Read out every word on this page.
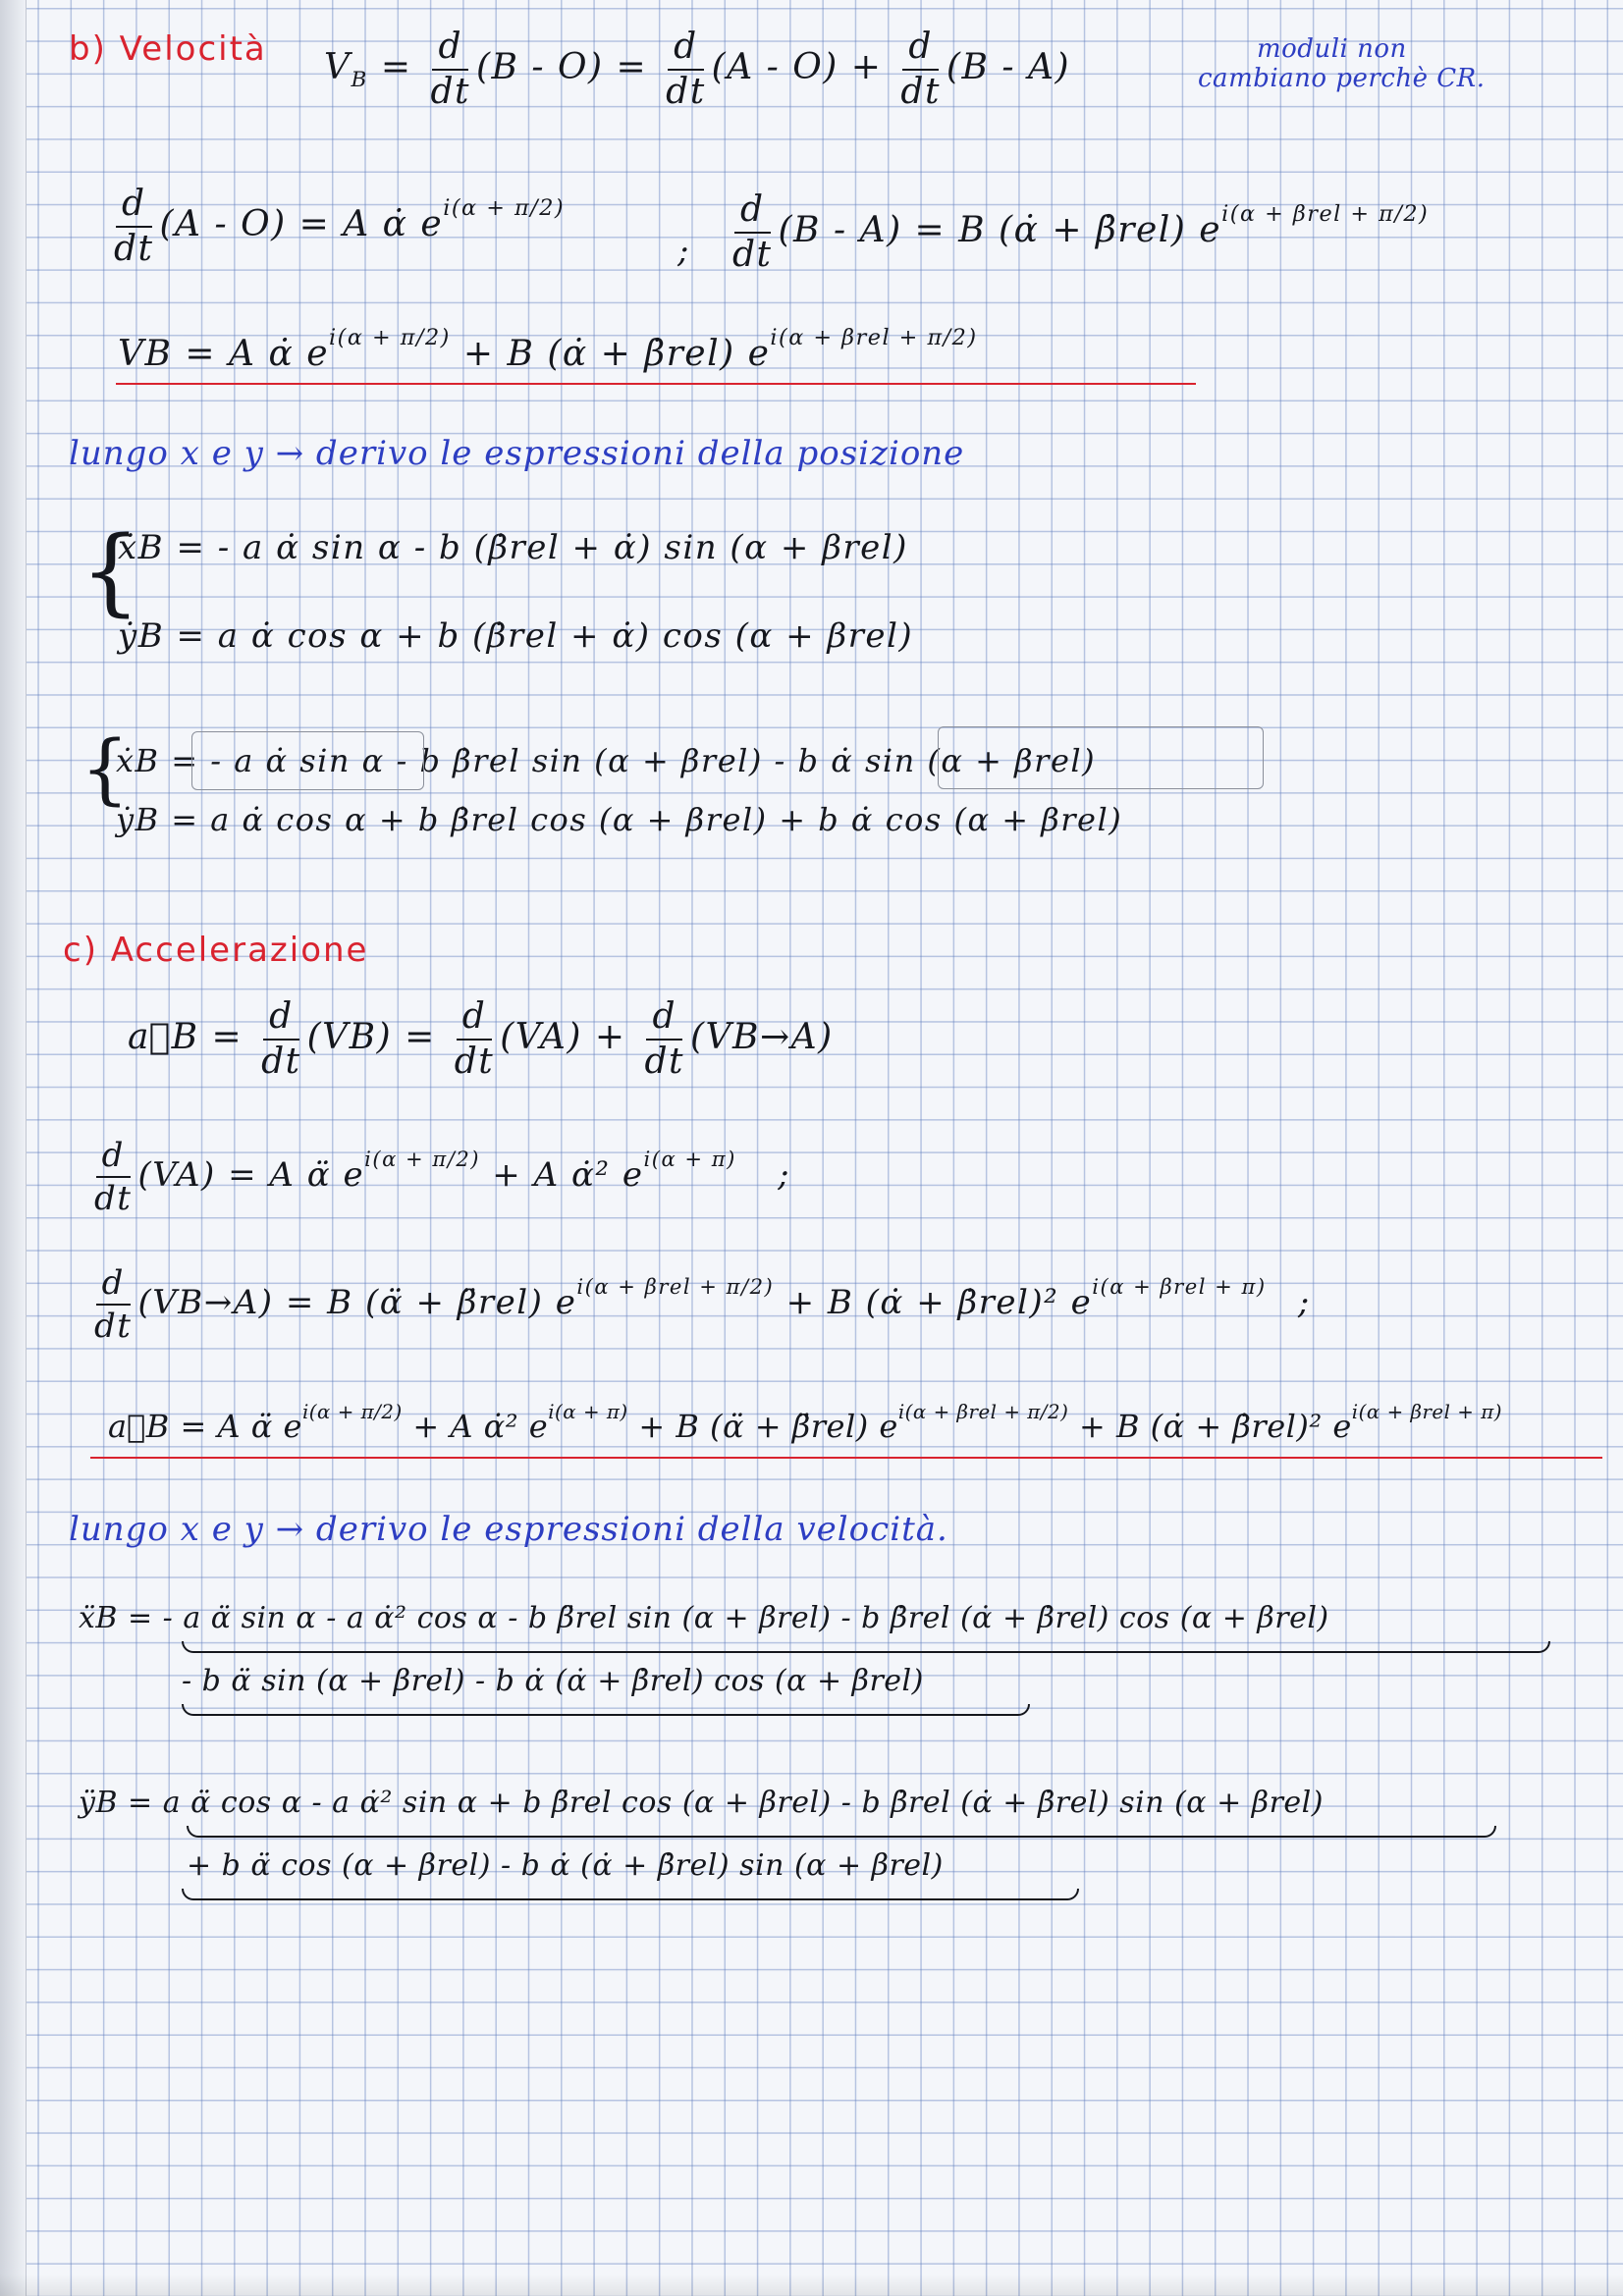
b) Velocità $V_B = \frac{d}{dt} (B - O) = \frac{d}{dt} (A - O) + \frac{d}{dt} (B - A)$	moduli non
cambiano perchè CR.
$\frac{d}{dt} (A - O) = A$ α̇ $e^{i(\alpha + \pi/2)}$
; $\frac{d}{dt} (B - A) = B$ (α̇ + β̇rel) $e^{i(\alpha + \beta rel + \pi/2)}$
VB = A α̇ $e^{i(\alpha + \pi/2)} + B$ (α̇ + β̇rel) $e^{i(\alpha + \beta rel + \pi/2)}$
lungo x e y → derivo le espressioni della posizione
{
ẋB = - a α̇ sin α - b (β̇rel + α̇) sin (α + βrel)
ẏB = a α̇ cos α + b (β̇rel + α̇) cos (α + βrel)
{
ẋB = - a α̇ sin α - b β̇rel sin (α + βrel) - b α̇ sin (α + βrel)
ẏB = a α̇ cos α + b β̇rel cos (α + βrel) + b α̇ cos (α + βrel)
c) Accelerazione
a⃗B = $\frac{d}{dt} (VB) = \frac{d}{dt} (VA) + \frac{d}{dt} (VB\to A)$
$\frac{d}{dt} (VA) = A$ α̈ $e^{i(\alpha + \pi/2)} + A$ α̇² $e^{i(\alpha + \pi)}$ ;
$\frac{d}{dt} (VB\to A) = B$ (α̈ + β̈rel) $e^{i(\alpha + \beta rel + \pi/2)} + B$ (α̇ + β̇rel)² $e^{i(\alpha + \beta rel + \pi)}$ ;
a⃗B = A α̈ $e^{i(\alpha + \pi/2)} + A$ α̇² $e^{i(\alpha + \pi)} + B$ (α̈ + β̈rel) $e^{i(\alpha + \beta rel + \pi/2)} + B$ (α̇ + β̇rel)² $e^{i(\alpha + \beta rel + \pi)}$
lungo x e y → derivo le espressioni della velocità.
ẍB = - a α̈ sin α - a α̇² cos α - b β̈rel sin (α + βrel) - b β̇rel (α̇ + β̇rel) cos (α + βrel)
- b α̈ sin (α + βrel) - b α̇ (α̇ + β̇rel) cos (α + βrel)
ÿB = a α̈ cos α - a α̇² sin α + b β̈rel cos (α + βrel) - b β̇rel (α̇ + β̇rel) sin (α + βrel)
+ b α̈ cos (α + βrel) - b α̇ (α̇ + β̇rel) sin (α + βrel)
